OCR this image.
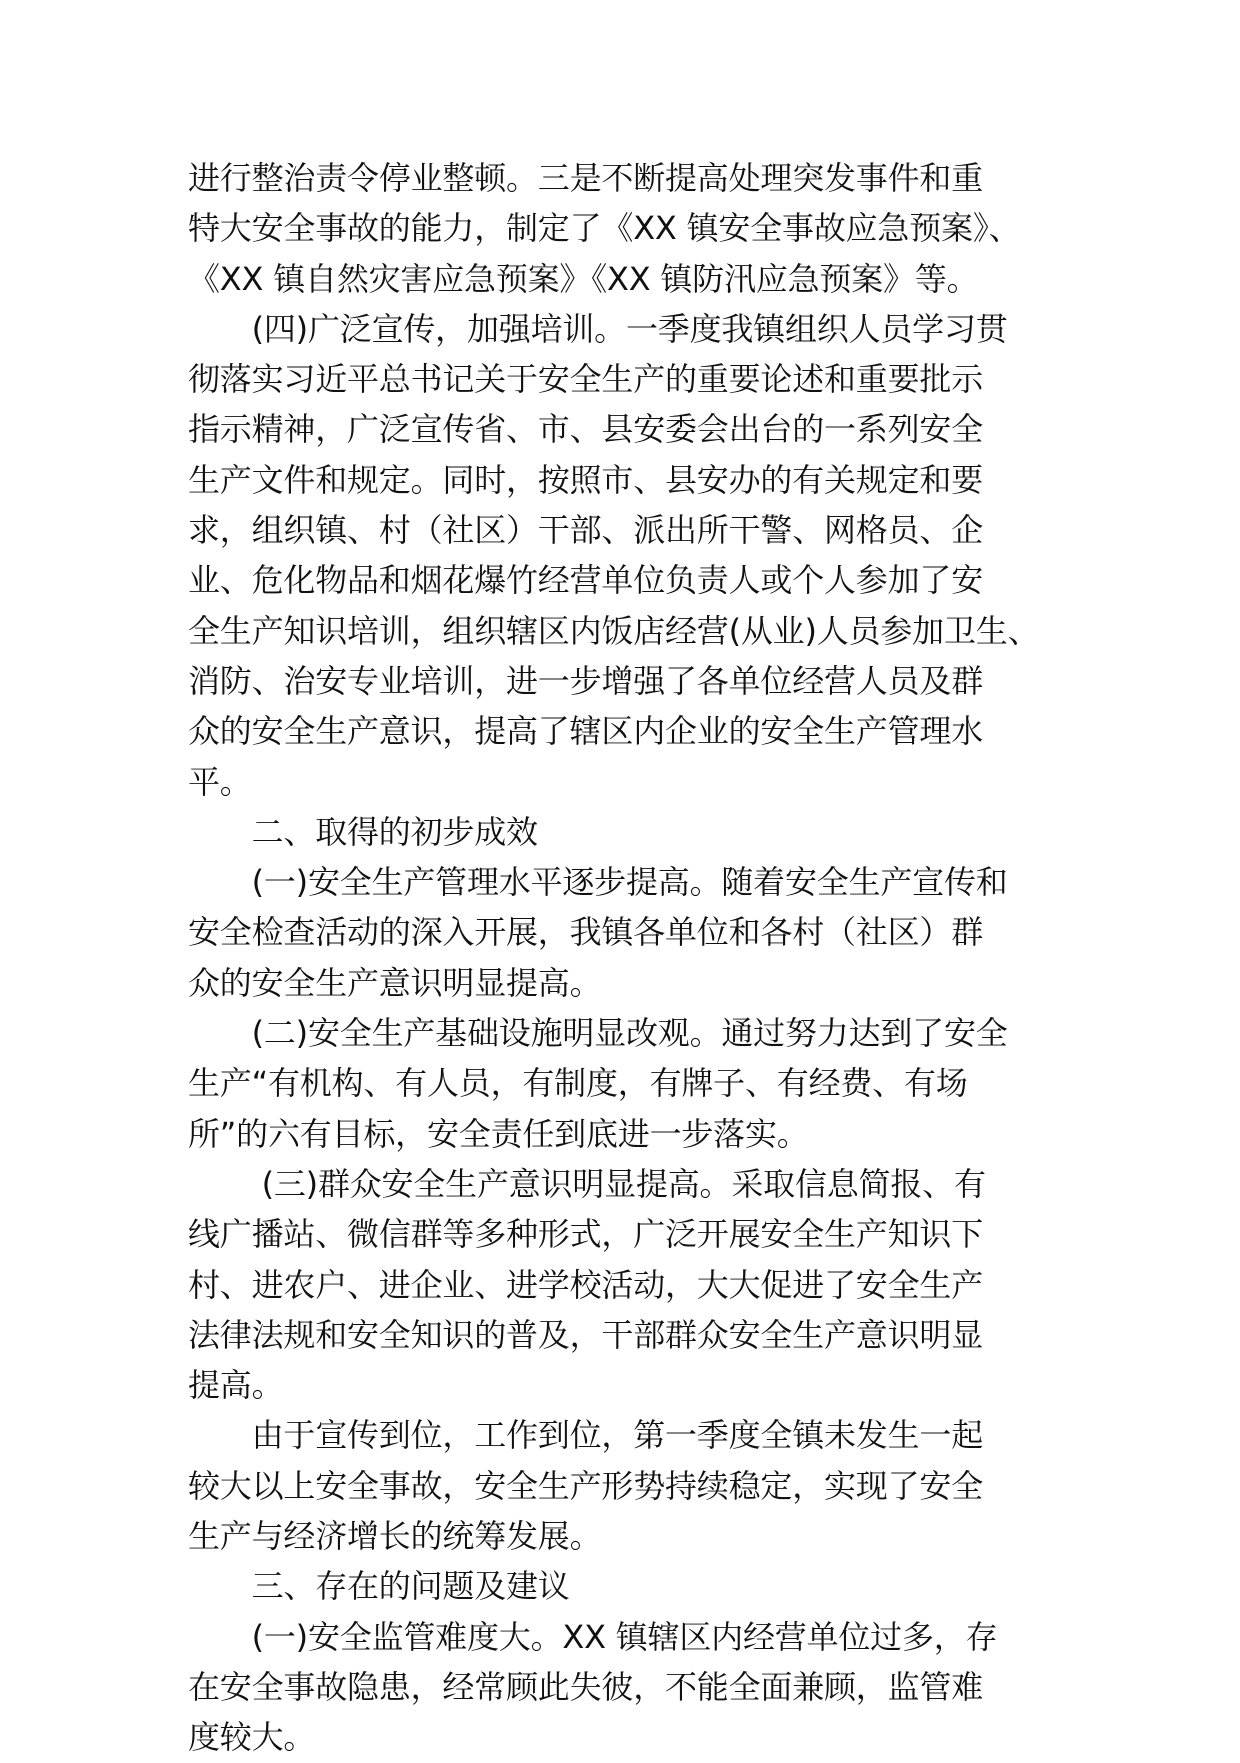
进行整治责令停业整顿。三是不断提高处理突发事件和重
特大安全事故的能力，制定了《XX 镇安全事故应急预案》、
《XX 镇自然灾害应急预案》《XX 镇防汛应急预案》等。
　　(四)广泛宣传，加强培训。一季度我镇组织人员学习贯
彻落实习近平总书记关于安全生产的重要论述和重要批示
指示精神，广泛宣传省、市、县安委会出台的一系列安全
生产文件和规定。同时，按照市、县安办的有关规定和要
求，组织镇、村（社区）干部、派出所干警、网格员、企
业、危化物品和烟花爆竹经营单位负责人或个人参加了安
全生产知识培训，组织辖区内饭店经营(从业)人员参加卫生、
消防、治安专业培训，进一步增强了各单位经营人员及群
众的安全生产意识，提高了辖区内企业的安全生产管理水
平。
　　二、取得的初步成效
　　(一)安全生产管理水平逐步提高。随着安全生产宣传和
安全检查活动的深入开展，我镇各单位和各村（社区）群
众的安全生产意识明显提高。
　　(二)安全生产基础设施明显改观。通过努力达到了安全
生产“有机构、有人员，有制度，有牌子、有经费、有场
所”的六有目标，安全责任到底进一步落实。
　　 (三)群众安全生产意识明显提高。采取信息简报、有
线广播站、微信群等多种形式，广泛开展安全生产知识下
村、进农户、进企业、进学校活动，大大促进了安全生产
法律法规和安全知识的普及，干部群众安全生产意识明显
提高。
　　由于宣传到位，工作到位，第一季度全镇未发生一起
较大以上安全事故，安全生产形势持续稳定，实现了安全
生产与经济增长的统筹发展。
　　三、存在的问题及建议
　　(一)安全监管难度大。XX 镇辖区内经营单位过多，存
在安全事故隐患，经常顾此失彼，不能全面兼顾，监管难
度较大。
